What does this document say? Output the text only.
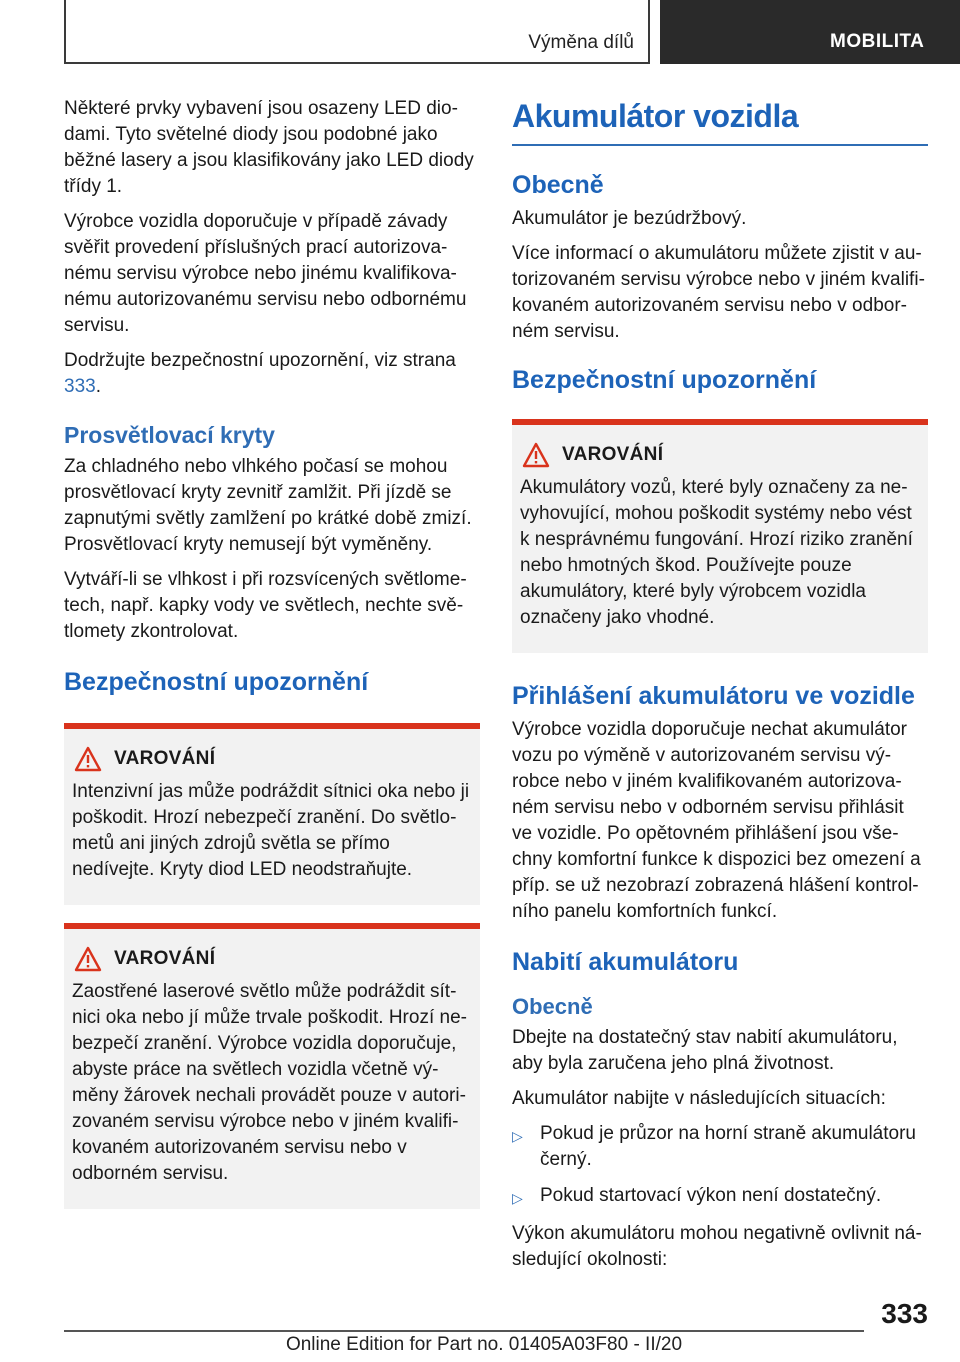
Výměna dílů	MOBILITA

Některé prvky vybavení jsou osazeny LED diodami. Tyto světelné diody jsou podobné jako běžné lasery a jsou klasifikovány jako LED diody třídy 1.

Výrobce vozidla doporučuje v případě závady svěřit provedení příslušných prací autorizovanému servisu výrobce nebo jinému kvalifikovanému autorizovanému servisu nebo odbornému servisu.

Dodržujte bezpečnostní upozornění, viz strana 333.

Prosvětlovací kryty

Za chladného nebo vlhkého počasí se mohou prosvětlovací kryty zevnitř zamlžit. Při jízdě se zapnutými světly zamlžení po krátké době zmizí. Prosvětlovací kryty nemusejí být vyměněny.

Vytváří-li se vlhkost i při rozsvícených světlometech, např. kapky vody ve světlech, nechte světlomety zkontrolovat.

Bezpečnostní upozornění
VAROVÁNÍ

Intenzivní jas může podráždit sítnici oka nebo ji poškodit. Hrozí nebezpečí zranění. Do světlometů ani jiných zdrojů světla se přímo nedívejte. Kryty diod LED neodstraňujte.

VAROVÁNÍ

Zaostřené laserové světlo může podráždit sítnici oka nebo jí může trvale poškodit. Hrozí nebezpečí zranění. Výrobce vozidla doporučuje, abyste práce na světlech vozidla včetně výměny žárovek nechali provádět pouze v autorizovaném servisu výrobce nebo v jiném kvalifikovaném autorizovaném servisu nebo v odborném servisu.

Akumulátor vozidla
Obecně

Akumulátor je bezúdržbový.

Více informací o akumulátoru můžete zjistit v autorizovaném servisu výrobce nebo v jiném kvalifikovaném autorizovaném servisu nebo v odborném servisu.

Bezpečnostní upozornění
VAROVÁNÍ

Akumulátory vozů, které byly označeny za nevyhovující, mohou poškodit systémy nebo vést k nesprávnému fungování. Hrozí riziko zranění nebo hmotných škod. Používejte pouze akumulátory, které byly výrobcem vozidla označeny jako vhodné.

Přihlášení akumulátoru ve vozidle

Výrobce vozidla doporučuje nechat akumulátor vozu po výměně v autorizovaném servisu výrobce nebo v jiném kvalifikovaném autorizovaném servisu nebo v odborném servisu přihlásit ve vozidle. Po opětovném přihlášení jsou všechny komfortní funkce k dispozici bez omezení a příp. se už nezobrazí zobrazená hlášení kontrolního panelu komfortních funkcí.

Nabití akumulátoru
Obecně

Dbejte na dostatečný stav nabití akumulátoru, aby byla zaručena jeho plná životnost.

Akumulátor nabijte v následujících situacích:

▷ Pokud je průzor na horní straně akumulátoru černý.
▷ Pokud startovací výkon není dostatečný.

Výkon akumulátoru mohou negativně ovlivnit následující okolnosti:

333
Online Edition for Part no. 01405A03F80 - II/20
